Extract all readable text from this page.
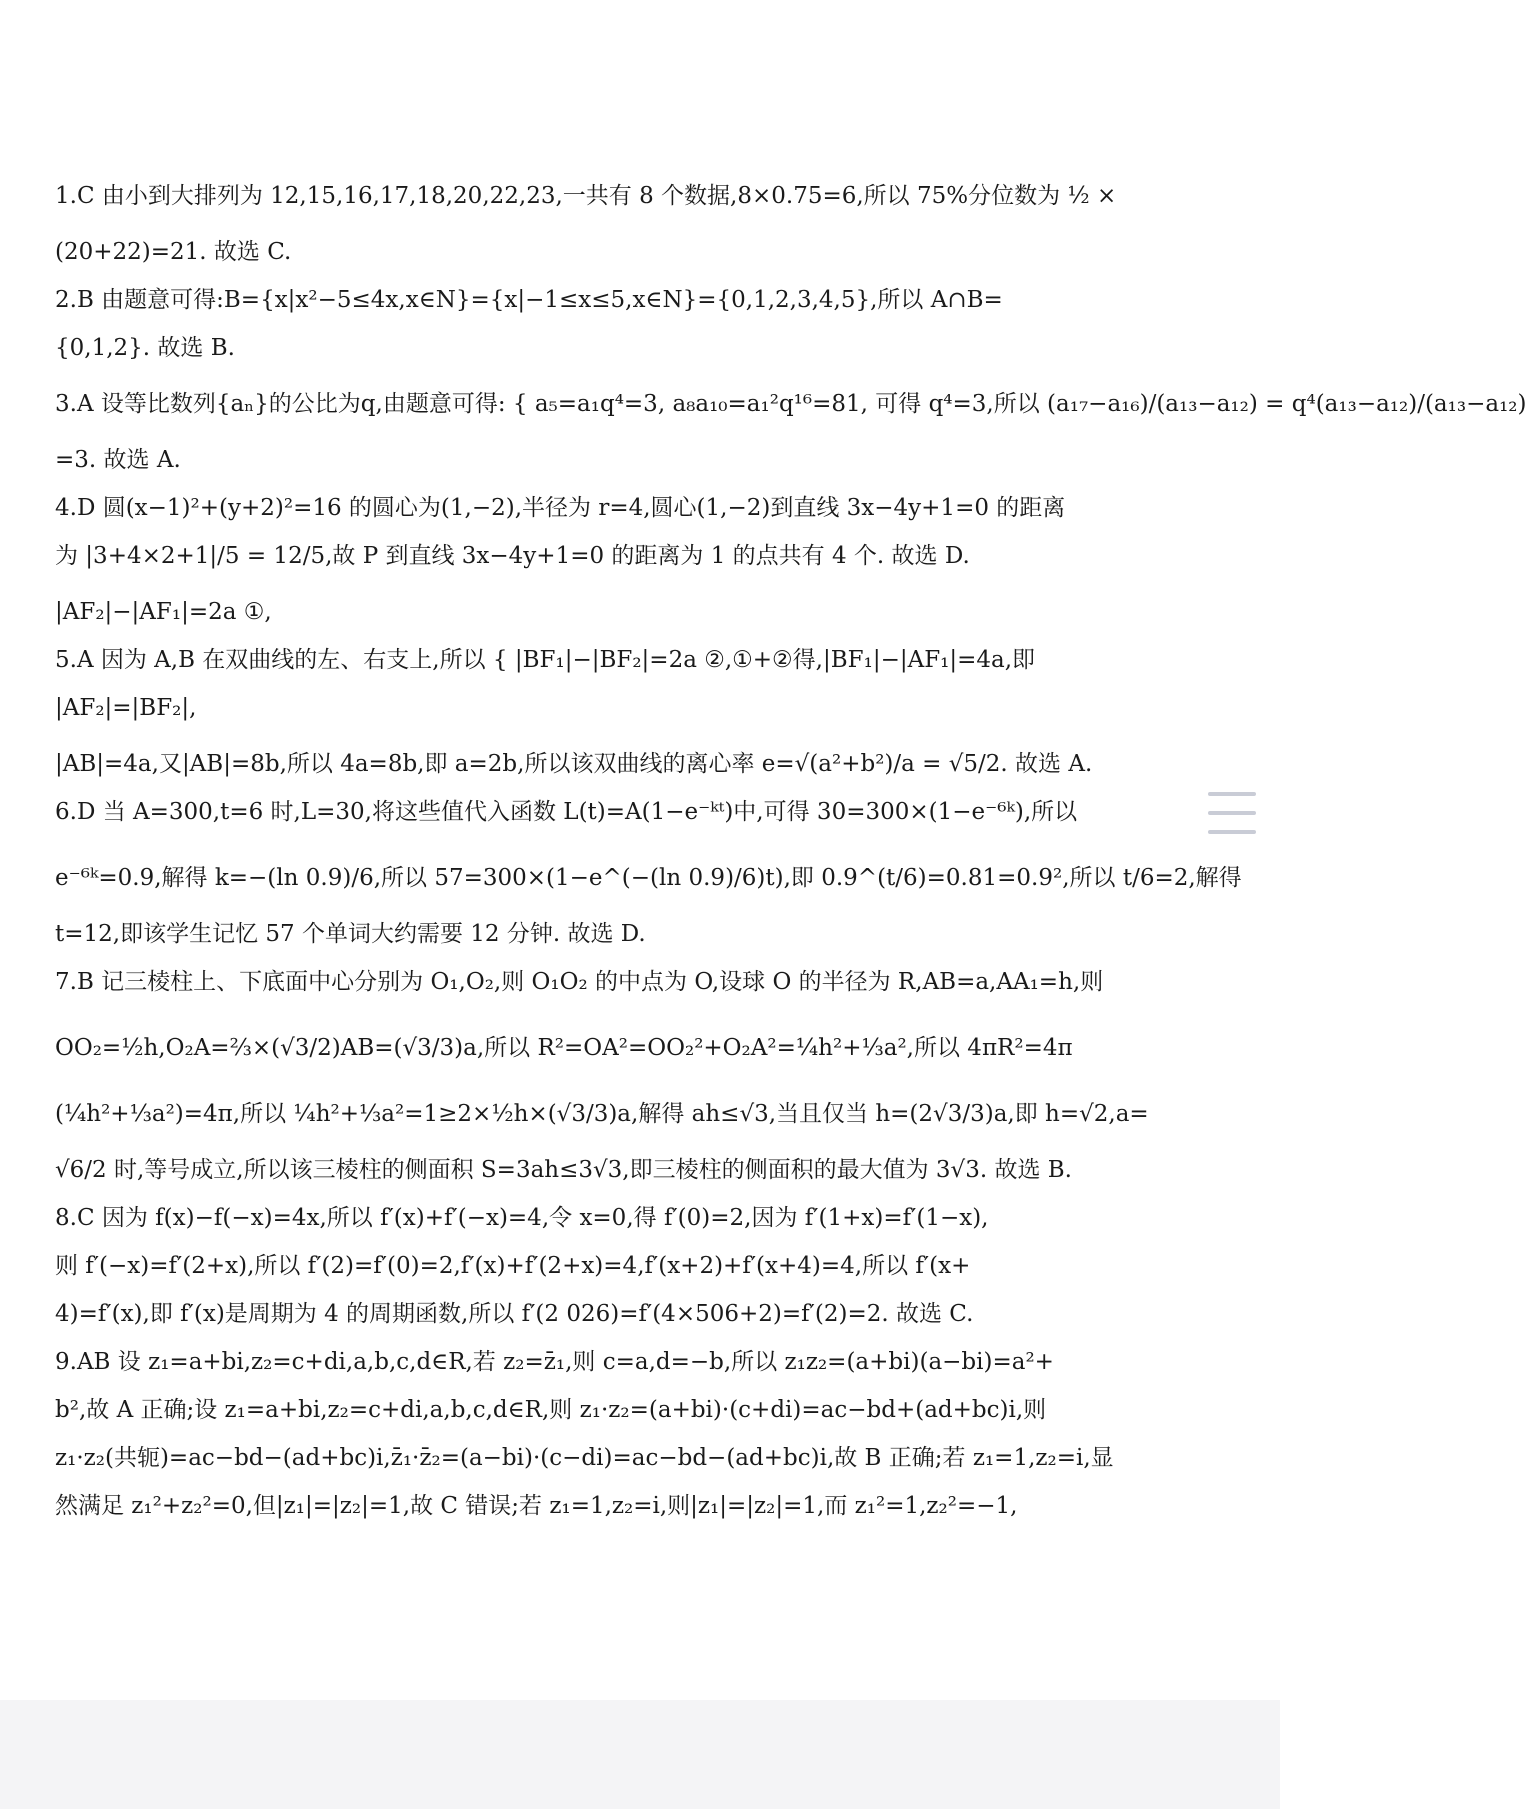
1.C 由小到大排列为 12,15,16,17,18,20,22,23,一共有 8 个数据,8×0.75=6,所以 75%分位数为 ½ ×

(20+22)=21. 故选 C.

2.B 由题意可得:B={x|x²−5≤4x,x∈N}={x|−1≤x≤5,x∈N}={0,1,2,3,4,5},所以 A∩B=

{0,1,2}. 故选 B.

3.A 设等比数列{aₙ}的公比为q,由题意可得: { a₅=a₁q⁴=3, a₈a₁₀=a₁²q¹⁶=81, 可得 q⁴=3,所以 (a₁₇−a₁₆)/(a₁₃−a₁₂) = q⁴(a₁₃−a₁₂)/(a₁₃−a₁₂)

=3. 故选 A.

4.D 圆(x−1)²+(y+2)²=16 的圆心为(1,−2),半径为 r=4,圆心(1,−2)到直线 3x−4y+1=0 的距离

为 |3+4×2+1|/5 = 12/5,故 P 到直线 3x−4y+1=0 的距离为 1 的点共有 4 个. 故选 D.

|AF₂|−|AF₁|=2a ①,

5.A 因为 A,B 在双曲线的左、右支上,所以 { |BF₁|−|BF₂|=2a ②,①+②得,|BF₁|−|AF₁|=4a,即

|AF₂|=|BF₂|,

|AB|=4a,又|AB|=8b,所以 4a=8b,即 a=2b,所以该双曲线的离心率 e=√(a²+b²)/a = √5/2. 故选 A.

6.D 当 A=300,t=6 时,L=30,将这些值代入函数 L(t)=A(1−e⁻ᵏᵗ)中,可得 30=300×(1−e⁻⁶ᵏ),所以

e⁻⁶ᵏ=0.9,解得 k=−(ln 0.9)/6,所以 57=300×(1−e^(−(ln 0.9)/6)t),即 0.9^(t/6)=0.81=0.9²,所以 t/6=2,解得

t=12,即该学生记忆 57 个单词大约需要 12 分钟. 故选 D.

7.B 记三棱柱上、下底面中心分别为 O₁,O₂,则 O₁O₂ 的中点为 O,设球 O 的半径为 R,AB=a,AA₁=h,则

OO₂=½h,O₂A=⅔×(√3/2)AB=(√3/3)a,所以 R²=OA²=OO₂²+O₂A²=¼h²+⅓a²,所以 4πR²=4π

(¼h²+⅓a²)=4π,所以 ¼h²+⅓a²=1≥2×½h×(√3/3)a,解得 ah≤√3,当且仅当 h=(2√3/3)a,即 h=√2,a=

√6/2 时,等号成立,所以该三棱柱的侧面积 S=3ah≤3√3,即三棱柱的侧面积的最大值为 3√3. 故选 B.

8.C 因为 f(x)−f(−x)=4x,所以 f′(x)+f′(−x)=4,令 x=0,得 f′(0)=2,因为 f′(1+x)=f′(1−x),

则 f′(−x)=f′(2+x),所以 f′(2)=f′(0)=2,f′(x)+f′(2+x)=4,f′(x+2)+f′(x+4)=4,所以 f′(x+

4)=f′(x),即 f′(x)是周期为 4 的周期函数,所以 f′(2 026)=f′(4×506+2)=f′(2)=2. 故选 C.

9.AB 设 z₁=a+bi,z₂=c+di,a,b,c,d∈R,若 z₂=z̄₁,则 c=a,d=−b,所以 z₁z₂=(a+bi)(a−bi)=a²+

b²,故 A 正确;设 z₁=a+bi,z₂=c+di,a,b,c,d∈R,则 z₁·z₂=(a+bi)·(c+di)=ac−bd+(ad+bc)i,则

z₁·z₂(共轭)=ac−bd−(ad+bc)i,z̄₁·z̄₂=(a−bi)·(c−di)=ac−bd−(ad+bc)i,故 B 正确;若 z₁=1,z₂=i,显

然满足 z₁²+z₂²=0,但|z₁|=|z₂|=1,故 C 错误;若 z₁=1,z₂=i,则|z₁|=|z₂|=1,而 z₁²=1,z₂²=−1,
